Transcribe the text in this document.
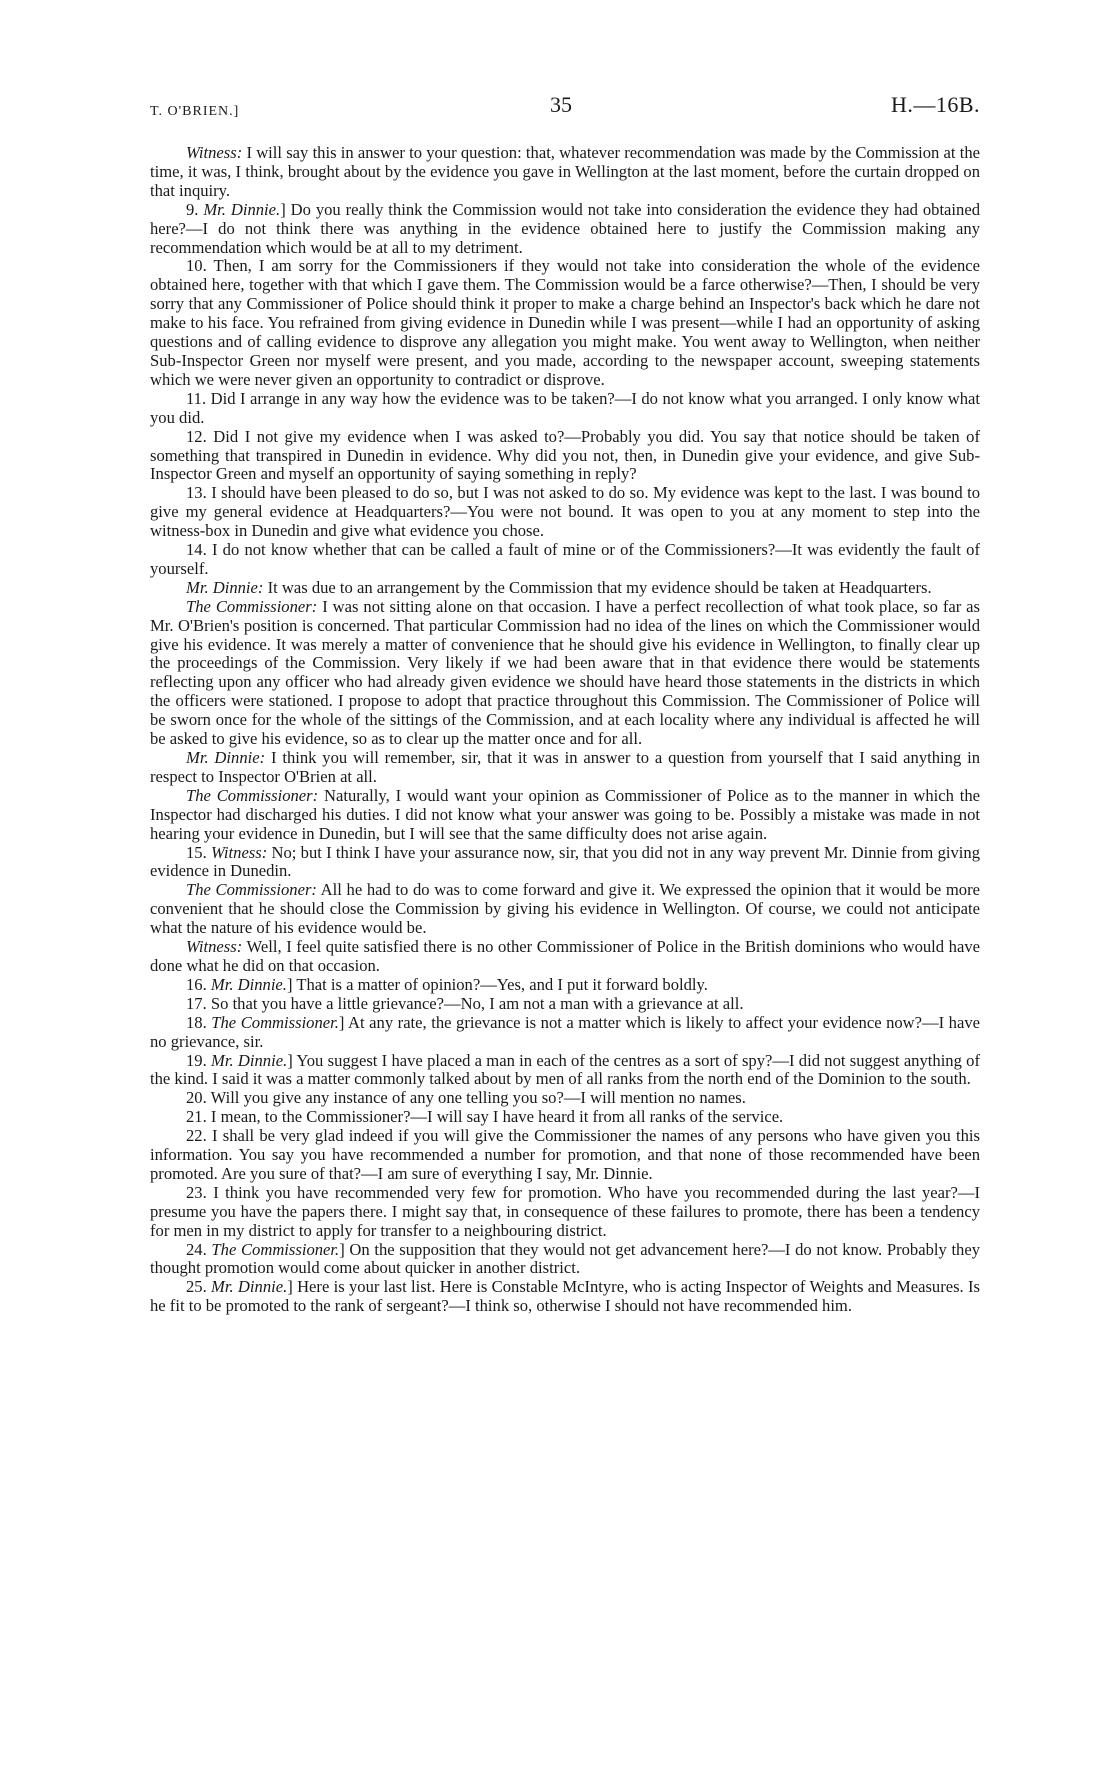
T. O'BRIEN.]	35	H.—16B.

Witness: I will say this in answer to your question: that, whatever recommendation was made by the Commission at the time, it was, I think, brought about by the evidence you gave in Wellington at the last moment, before the curtain dropped on that inquiry.

9. Mr. Dinnie.] Do you really think the Commission would not take into consideration the evidence they had obtained here?—I do not think there was anything in the evidence obtained here to justify the Commission making any recommendation which would be at all to my detriment.

10. Then, I am sorry for the Commissioners if they would not take into consideration the whole of the evidence obtained here, together with that which I gave them. The Commission would be a farce otherwise?—Then, I should be very sorry that any Commissioner of Police should think it proper to make a charge behind an Inspector's back which he dare not make to his face. You refrained from giving evidence in Dunedin while I was present—while I had an opportunity of asking questions and of calling evidence to disprove any allegation you might make. You went away to Wellington, when neither Sub-Inspector Green nor myself were present, and you made, according to the newspaper account, sweeping statements which we were never given an opportunity to contradict or disprove.

11. Did I arrange in any way how the evidence was to be taken?—I do not know what you arranged. I only know what you did.

12. Did I not give my evidence when I was asked to?—Probably you did. You say that notice should be taken of something that transpired in Dunedin in evidence. Why did you not, then, in Dunedin give your evidence, and give Sub-Inspector Green and myself an opportunity of saying something in reply?

13. I should have been pleased to do so, but I was not asked to do so. My evidence was kept to the last. I was bound to give my general evidence at Headquarters?—You were not bound. It was open to you at any moment to step into the witness-box in Dunedin and give what evidence you chose.

14. I do not know whether that can be called a fault of mine or of the Commissioners?—It was evidently the fault of yourself.

Mr. Dinnie: It was due to an arrangement by the Commission that my evidence should be taken at Headquarters.

The Commissioner: I was not sitting alone on that occasion. I have a perfect recollection of what took place, so far as Mr. O'Brien's position is concerned. That particular Commission had no idea of the lines on which the Commissioner would give his evidence. It was merely a matter of convenience that he should give his evidence in Wellington, to finally clear up the proceedings of the Commission. Very likely if we had been aware that in that evidence there would be statements reflecting upon any officer who had already given evidence we should have heard those statements in the districts in which the officers were stationed. I propose to adopt that practice throughout this Commission. The Commissioner of Police will be sworn once for the whole of the sittings of the Commission, and at each locality where any individual is affected he will be asked to give his evidence, so as to clear up the matter once and for all.

Mr. Dinnie: I think you will remember, sir, that it was in answer to a question from yourself that I said anything in respect to Inspector O'Brien at all.

The Commissioner: Naturally, I would want your opinion as Commissioner of Police as to the manner in which the Inspector had discharged his duties. I did not know what your answer was going to be. Possibly a mistake was made in not hearing your evidence in Dunedin, but I will see that the same difficulty does not arise again.

15. Witness: No; but I think I have your assurance now, sir, that you did not in any way prevent Mr. Dinnie from giving evidence in Dunedin.

The Commissioner: All he had to do was to come forward and give it. We expressed the opinion that it would be more convenient that he should close the Commission by giving his evidence in Wellington. Of course, we could not anticipate what the nature of his evidence would be.

Witness: Well, I feel quite satisfied there is no other Commissioner of Police in the British dominions who would have done what he did on that occasion.

16. Mr. Dinnie.] That is a matter of opinion?—Yes, and I put it forward boldly.

17. So that you have a little grievance?—No, I am not a man with a grievance at all.

18. The Commissioner.] At any rate, the grievance is not a matter which is likely to affect your evidence now?—I have no grievance, sir.

19. Mr. Dinnie.] You suggest I have placed a man in each of the centres as a sort of spy?—I did not suggest anything of the kind. I said it was a matter commonly talked about by men of all ranks from the north end of the Dominion to the south.

20. Will you give any instance of any one telling you so?—I will mention no names.

21. I mean, to the Commissioner?—I will say I have heard it from all ranks of the service.

22. I shall be very glad indeed if you will give the Commissioner the names of any persons who have given you this information. You say you have recommended a number for promotion, and that none of those recommended have been promoted. Are you sure of that?—I am sure of everything I say, Mr. Dinnie.

23. I think you have recommended very few for promotion. Who have you recommended during the last year?—I presume you have the papers there. I might say that, in consequence of these failures to promote, there has been a tendency for men in my district to apply for transfer to a neighbouring district.

24. The Commissioner.] On the supposition that they would not get advancement here?—I do not know. Probably they thought promotion would come about quicker in another district.

25. Mr. Dinnie.] Here is your last list. Here is Constable McIntyre, who is acting Inspector of Weights and Measures. Is he fit to be promoted to the rank of sergeant?—I think so, otherwise I should not have recommended him.
